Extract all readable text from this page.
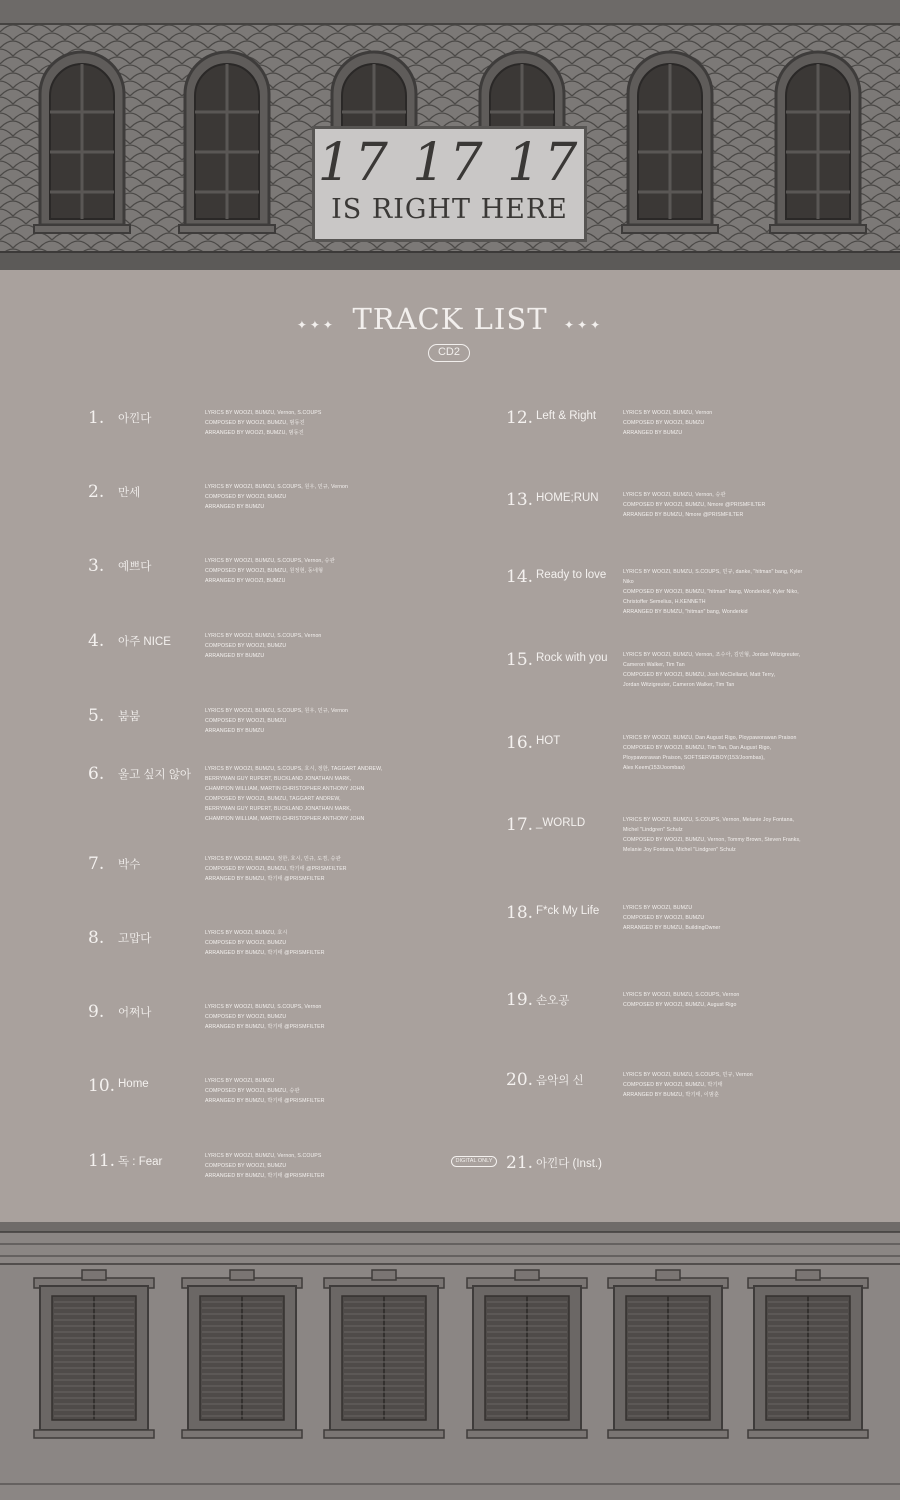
17 17 17
IS RIGHT HERE
✦✦✦ TRACK LIST ✦✦✦
CD2
1. 아낀다	LYRICS BY WOOZI, BUMZU, Vernon, S.COUPS
COMPOSED BY WOOZI, BUMZU, 범동진
ARRANGED BY WOOZI, BUMZU, 범동진
2. 만세	LYRICS BY WOOZI, BUMZU, S.COUPS, 원우, 민규, Vernon
COMPOSED BY WOOZI, BUMZU
ARRANGED BY BUMZU
3. 예쁘다	LYRICS BY WOOZI, BUMZU, S.COUPS, Vernon, 승관
COMPOSED BY WOOZI, BUMZU, 원정현, 동네형
ARRANGED BY WOOZI, BUMZU
4. 아주 NICE	LYRICS BY WOOZI, BUMZU, S.COUPS, Vernon
COMPOSED BY WOOZI, BUMZU
ARRANGED BY BUMZU
5. 붐붐	LYRICS BY WOOZI, BUMZU, S.COUPS, 원우, 민규, Vernon
COMPOSED BY WOOZI, BUMZU
ARRANGED BY BUMZU
6. 울고 싶지 않아	LYRICS BY WOOZI, BUMZU, S.COUPS, 호시, 정한, TAGGART ANDREW,
BERRYMAN GUY RUPERT, BUCKLAND JONATHAN MARK,
CHAMPION WILLIAM, MARTIN CHRISTOPHER ANTHONY JOHN
COMPOSED BY WOOZI, BUMZU, TAGGART ANDREW,
BERRYMAN GUY RUPERT, BUCKLAND JONATHAN MARK,
CHAMPION WILLIAM, MARTIN CHRISTOPHER ANTHONY JOHN
7. 박수	LYRICS BY WOOZI, BUMZU, 정한, 호시, 민규, 도겸, 승관
COMPOSED BY WOOZI, BUMZU, 박기태 @PRISMFILTER
ARRANGED BY BUMZU, 박기태 @PRISMFILTER
8. 고맙다	LYRICS BY WOOZI, BUMZU, 호시
COMPOSED BY WOOZI, BUMZU
ARRANGED BY BUMZU, 박기태 @PRISMFILTER
9. 어쩌나	LYRICS BY WOOZI, BUMZU, S.COUPS, Vernon
COMPOSED BY WOOZI, BUMZU
ARRANGED BY BUMZU, 박기태 @PRISMFILTER
10. Home	LYRICS BY WOOZI, BUMZU
COMPOSED BY WOOZI, BUMZU, 승관
ARRANGED BY BUMZU, 박기태 @PRISMFILTER
11. 독 : Fear	LYRICS BY WOOZI, BUMZU, Vernon, S.COUPS
COMPOSED BY WOOZI, BUMZU
ARRANGED BY BUMZU, 박기태 @PRISMFILTER
12. Left & Right	LYRICS BY WOOZI, BUMZU, Vernon
COMPOSED BY WOOZI, BUMZU
ARRANGED BY BUMZU
13. HOME;RUN	LYRICS BY WOOZI, BUMZU, Vernon, 승관
COMPOSED BY WOOZI, BUMZU, Nmore @PRISMFILTER
ARRANGED BY BUMZU, Nmore @PRISMFILTER
14. Ready to love	LYRICS BY WOOZI, BUMZU, S.COUPS, 민규, danke, "hitman" bang, Kyler Niko
COMPOSED BY WOOZI, BUMZU, "hitman" bang, Wonderkid, Kyler Niko,
Christoffer Semelius, H.KENNETH
ARRANGED BY BUMZU, "hitman" bang, Wonderkid
15. Rock with you	LYRICS BY WOOZI, BUMZU, Vernon, 조수아, 김인형, Jordan Witzigreuter,
Cameron Walker, Tim Tan
COMPOSED BY WOOZI, BUMZU, Josh McClelland, Matt Terry,
Jordan Witzigreuter, Cameron Walker, Tim Tan
16. HOT	LYRICS BY WOOZI, BUMZU, Dan August Rigo, Ploypaworawan Praison
COMPOSED BY WOOZI, BUMZU, Tim Tan, Dan August Rigo,
Ploypaworawan Praison, SOFTSERVEBOY(153/Joombas),
Alex Keem(153/Joombas)
17. _WORLD	LYRICS BY WOOZI, BUMZU, S.COUPS, Vernon, Melanie Joy Fontana,
Michel "Lindgren" Schulz
COMPOSED BY WOOZI, BUMZU, Vernon, Tommy Brown, Steven Franks,
Melanie Joy Fontana, Michel "Lindgren" Schulz
18. F*ck My Life	LYRICS BY WOOZI, BUMZU
COMPOSED BY WOOZI, BUMZU
ARRANGED BY BUMZU, BuildingOwner
19. 손오공	LYRICS BY WOOZI, BUMZU, S.COUPS, Vernon
COMPOSED BY WOOZI, BUMZU, August Rigo
20. 음악의 신	LYRICS BY WOOZI, BUMZU, S.COUPS, 민규, Vernon
COMPOSED BY WOOZI, BUMZU, 박기태
ARRANGED BY BUMZU, 박기태, 이범훈
DIGITAL ONLY 21. 아낀다 (Inst.)
